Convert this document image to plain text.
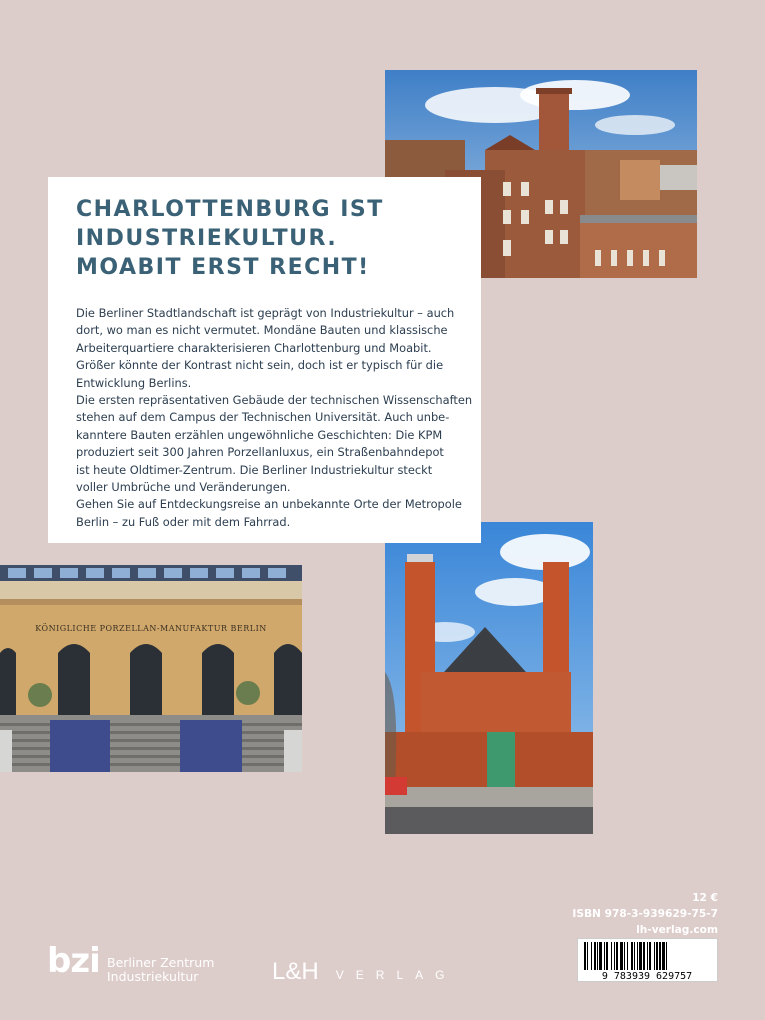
KÖNIGLICHE PORZELLAN-MANUFAKTUR BERLIN
CHARLOTTENBURG IST
INDUSTRIEKULTUR.
MOABIT ERST RECHT!

Die Berliner Stadtlandschaft ist geprägt von Industriekultur – auch

dort, wo man es nicht vermutet. Mondäne Bauten und klassische

Arbeiterquartiere charakterisieren Charlottenburg und Moabit.

Größer könnte der Kontrast nicht sein, doch ist er typisch für die

Entwicklung Berlins.

Die ersten repräsentativen Gebäude der technischen Wissenschaften

stehen auf dem Campus der Technischen Universität. Auch unbe-

kanntere Bauten erzählen ungewöhnliche Geschichten: Die KPM

produziert seit 300 Jahren Porzellanluxus, ein Straßenbahndepot

ist heute Oldtimer-Zentrum. Die Berliner Industriekultur steckt

voller Umbrüche und Veränderungen.

Gehen Sie auf Entdeckungsreise an unbekannte Orte der Metropole

Berlin – zu Fuß oder mit dem Fahrrad.

12 €
ISBN 978-3-939629-75-7
lh-verlag.com
9 783939 629757
bzi Berliner Zentrum
Industriekultur	L&H VERLAG
